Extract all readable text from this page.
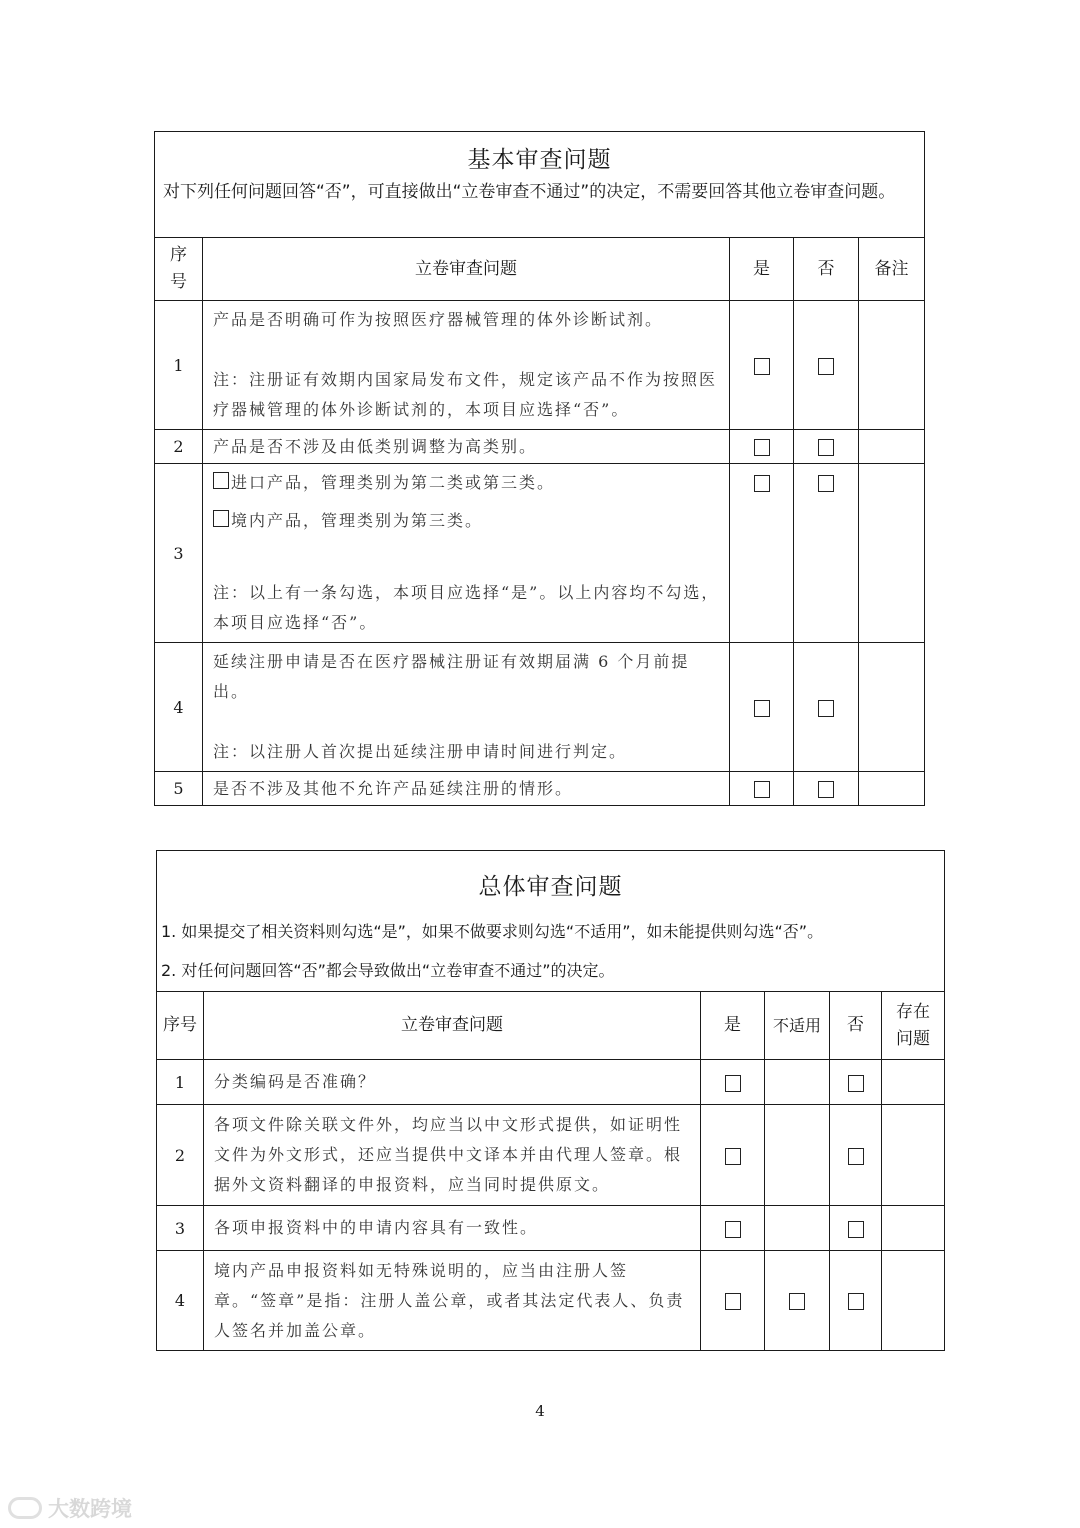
基本审查问题				
对下列任何问题回答“否”，可直接做出“立卷审查不通过”的决定，不需要回答其他立卷审查问题。				

序号	立卷审查问题	是	否	备注
1	产品是否明确可作为按照医疗器械管理的体外诊断试剂。

注：注册证有效期内国家局发布文件，规定该产品不作为按照医疗器械管理的体外诊断试剂的，本项目应选择“否”。			

2	产品是否不涉及由低类别调整为高类别。			
3	进口产品，管理类别为第二类或第三类。

境内产品，管理类别为第三类。

注：以上有一条勾选，本项目应选择“是”。以上内容均不勾选，本项目应选择“否”。			

4	延续注册申请是否在医疗器械注册证有效期届满 6 个月前提出。

注：以注册人首次提出延续注册申请时间进行判定。			

5	是否不涉及其他不允许产品延续注册的情形。			
总体审查问题					
1. 如果提交了相关资料则勾选“是”，如果不做要求则勾选“不适用”，如未能提供则勾选“否”。					
2. 对任何问题回答“否”都会导致做出“立卷审查不通过”的决定。					
序号	立卷审查问题	是	不适用	否	存在问题

1	分类编码是否准确？				
2	各项文件除关联文件外，均应当以中文形式提供，如证明性文件为外文形式，还应当提供中文译本并由代理人签章。根据外文资料翻译的申报资料，应当同时提供原文。				
3	各项申报资料中的申请内容具有一致性。				
4	境内产品申报资料如无特殊说明的，应当由注册人签章。“签章”是指：注册人盖公章，或者其法定代表人、负责人签名并加盖公章。				
4
大数跨境
